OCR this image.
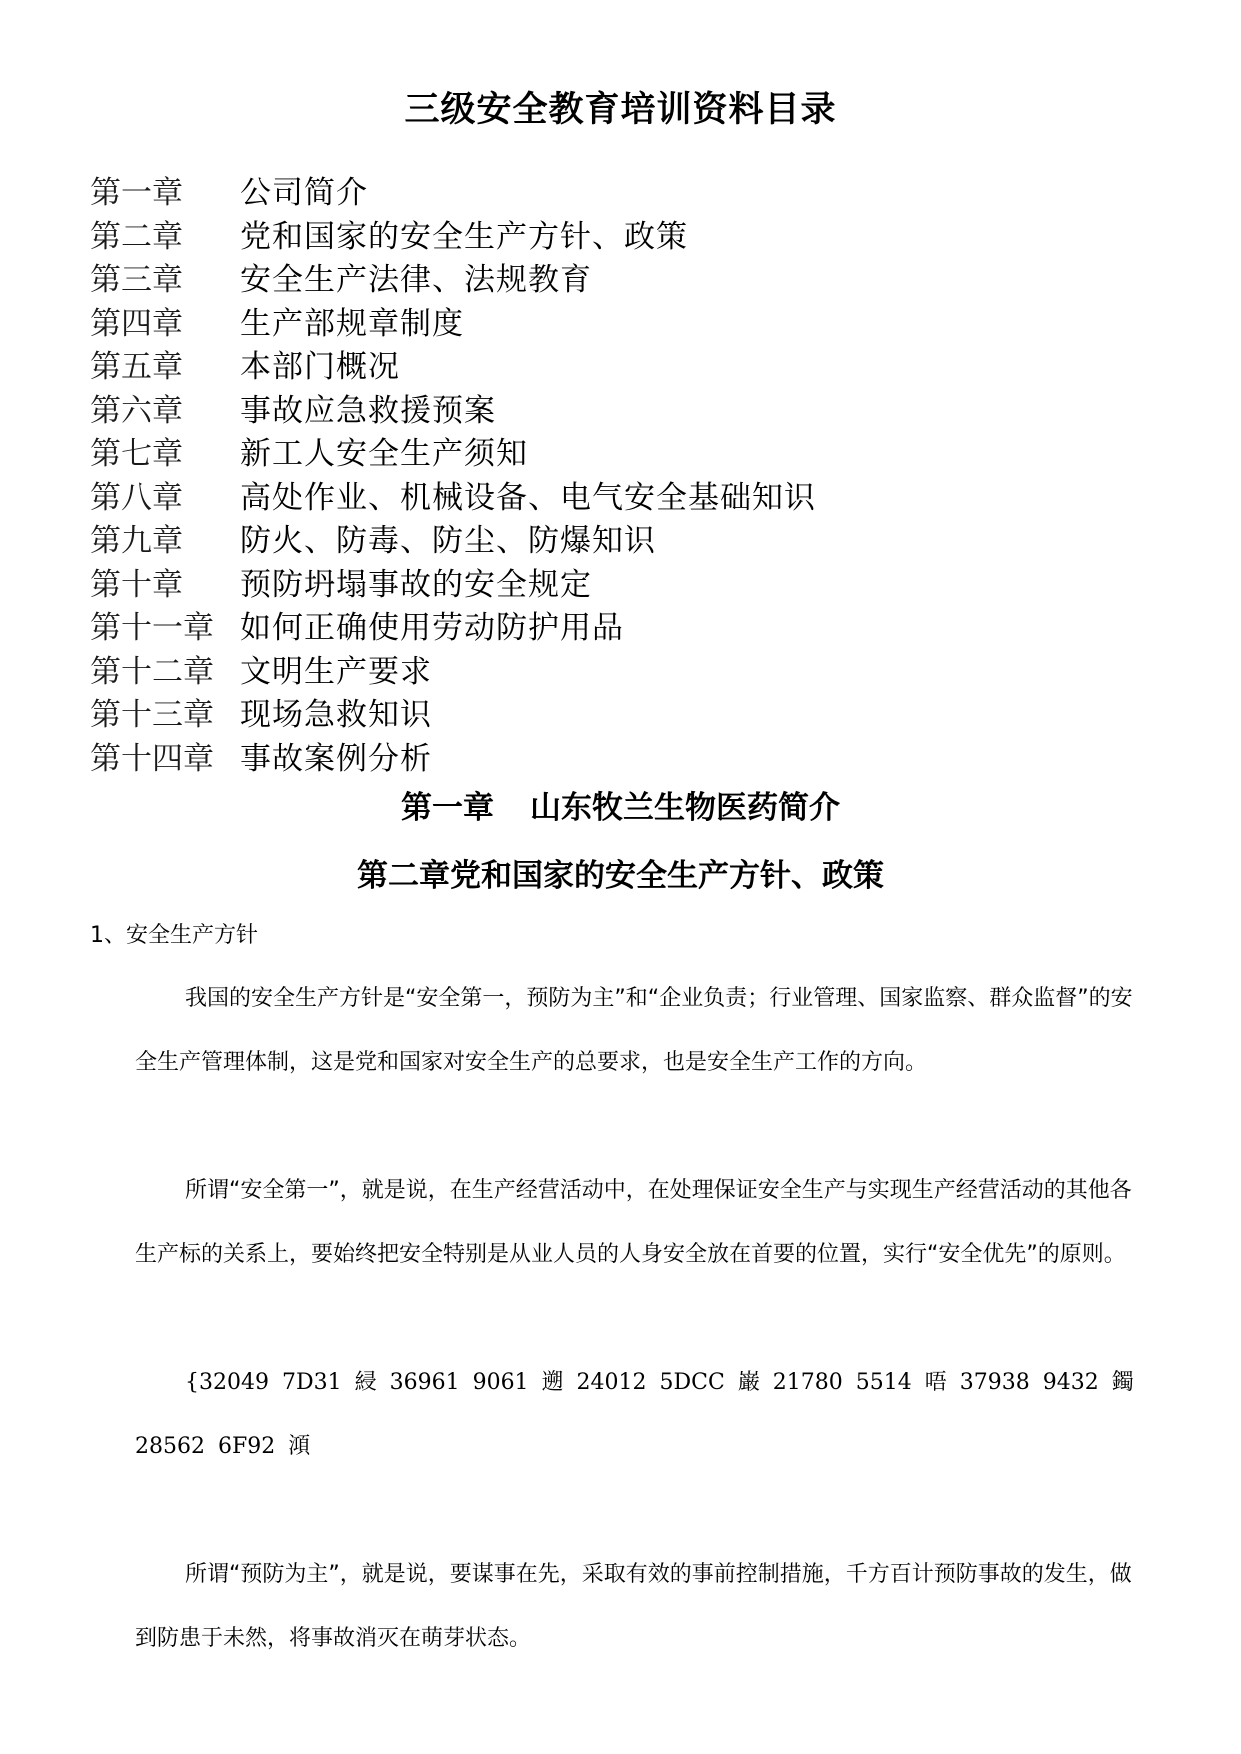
三级安全教育培训资料目录
第一章	公司简介
第二章	党和国家的安全生产方针、政策
第三章	安全生产法律、法规教育
第四章	生产部规章制度
第五章	本部门概况
第六章	事故应急救援预案
第七章	新工人安全生产须知
第八章	高处作业、机械设备、电气安全基础知识
第九章	防火、防毒、防尘、防爆知识
第十章	预防坍塌事故的安全规定
第十一章 如何正确使用劳动防护用品
第十二章 文明生产要求
第十三章 现场急救知识
第十四章 事故案例分析
第一章 山东牧兰生物医药简介
第二章党和国家的安全生产方针、政策
1、安全生产方针
我国的安全生产方针是“安全第一，预防为主”和“企业负责；行业管理、国家监察、群众监督”的安全生产管理体制，这是党和国家对安全生产的总要求，也是安全生产工作的方向。
所谓“安全第一”，就是说，在生产经营活动中，在处理保证安全生产与实现生产经营活动的其他各生产标的关系上，要始终把安全特别是从业人员的人身安全放在首要的位置，实行“安全优先”的原则。
{32049 7D31 綅 36961 9061 遡 24012 5DCC 巌 21780 5514 唔 37938 9432 鐲 28562 6F92 澒
所谓“预防为主”，就是说，要谋事在先，采取有效的事前控制措施，千方百计预防事故的发生，做到防患于未然，将事故消灭在萌芽状态。
